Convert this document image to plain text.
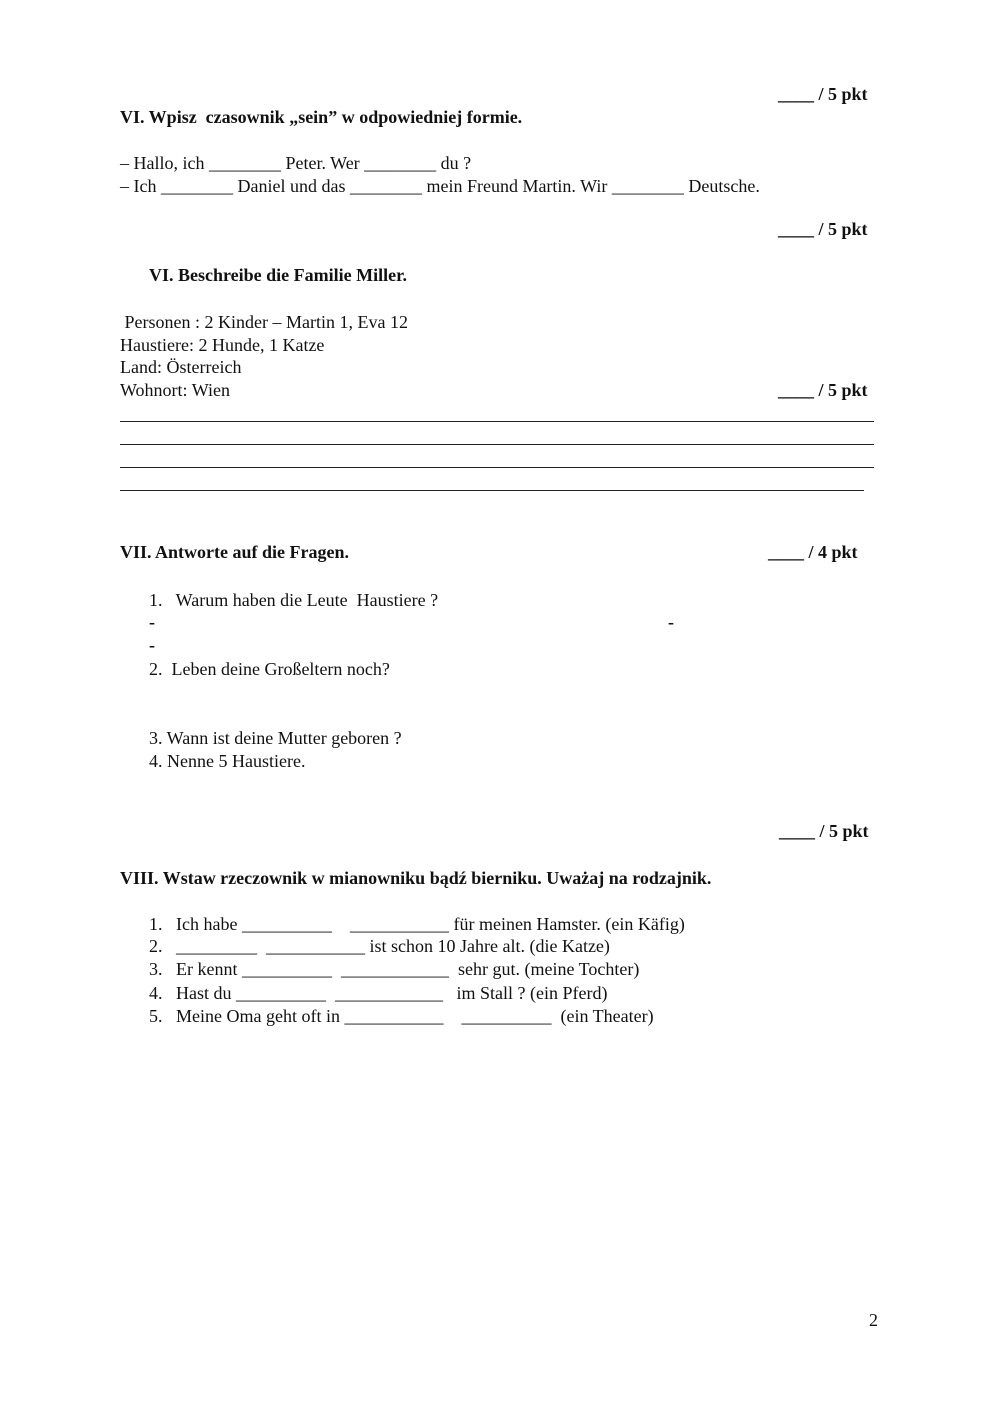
____ / 5 pkt
VI. Wpisz  czasownik „sein” w odpowiedniej formie.
– Hallo, ich ________ Peter. Wer ________ du ?
– Ich ________ Daniel und das ________ mein Freund Martin. Wir ________ Deutsche.
____ / 5 pkt
VI. Beschreibe die Familie Miller.
Personen : 2 Kinder – Martin 1, Eva 12
Haustiere: 2 Hunde, 1 Katze
Land: Österreich
Wohnort: Wien	____ / 5 pkt
VII. Antworte auf die Fragen.	____ / 4 pkt
1.   Warum haben die Leute  Haustiere ?
-	-
-
2.  Leben deine Großeltern noch?
3. Wann ist deine Mutter geboren ?
4. Nenne 5 Haustiere.
____ / 5 pkt
VIII. Wstaw rzeczownik w mianowniku bądź bierniku. Uważaj na rodzajnik.
1.   Ich habe __________    ___________ für meinen Hamster. (ein Käfig)
2.   _________  ___________ ist schon 10 Jahre alt. (die Katze)
3.   Er kennt __________  ____________  sehr gut. (meine Tochter)
4.   Hast du __________  ____________   im Stall ? (ein Pferd)
5.   Meine Oma geht oft in ___________    __________  (ein Theater)
2
